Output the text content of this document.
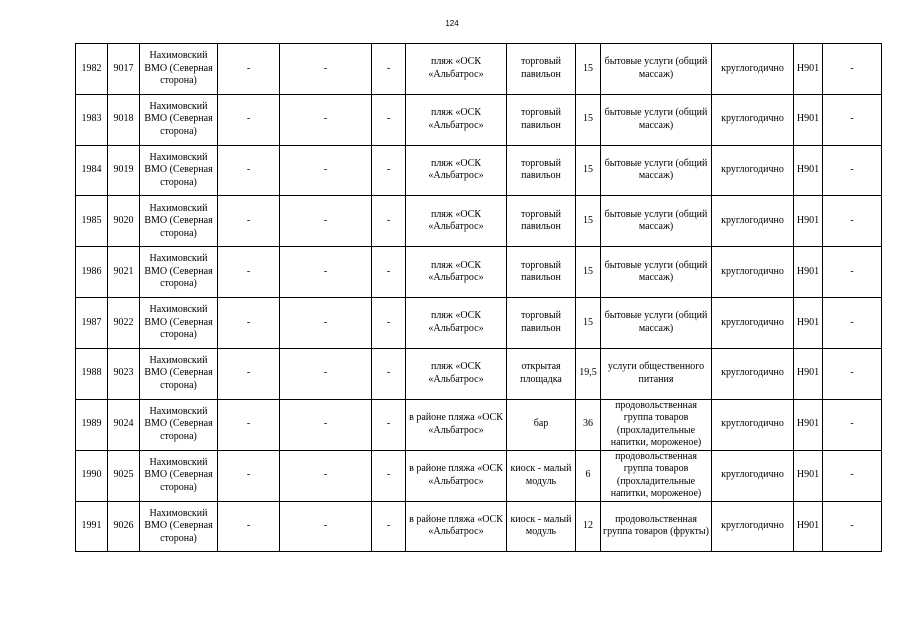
124
1982	9017	Нахимовский ВМО (Северная сторона)	-	-	-	пляж «ОСК «Альбатрос»	торговый павильон	15	бытовые услуги (общий массаж)	круглогодично	Н901	-
1983	9018	Нахимовский ВМО (Северная сторона)	-	-	-	пляж «ОСК «Альбатрос»	торговый павильон	15	бытовые услуги (общий массаж)	круглогодично	Н901	-
1984	9019	Нахимовский ВМО (Северная сторона)	-	-	-	пляж «ОСК «Альбатрос»	торговый павильон	15	бытовые услуги (общий массаж)	круглогодично	Н901	-
1985	9020	Нахимовский ВМО (Северная сторона)	-	-	-	пляж «ОСК «Альбатрос»	торговый павильон	15	бытовые услуги (общий массаж)	круглогодично	Н901	-
1986	9021	Нахимовский ВМО (Северная сторона)	-	-	-	пляж «ОСК «Альбатрос»	торговый павильон	15	бытовые услуги (общий массаж)	круглогодично	Н901	-
1987	9022	Нахимовский ВМО (Северная сторона)	-	-	-	пляж «ОСК «Альбатрос»	торговый павильон	15	бытовые услуги (общий массаж)	круглогодично	Н901	-
1988	9023	Нахимовский ВМО (Северная сторона)	-	-	-	пляж «ОСК «Альбатрос»	открытая площадка	19,5	услуги общественного питания	круглогодично	Н901	-
1989	9024	Нахимовский ВМО (Северная сторона)	-	-	-	в районе пляжа «ОСК «Альбатрос»	бар	36	продовольственная группа товаров (прохладительные напитки, мороженое)	круглогодично	Н901	-
1990	9025	Нахимовский ВМО (Северная сторона)	-	-	-	в районе пляжа «ОСК «Альбатрос»	киоск - малый модуль	6	продовольственная группа товаров (прохладительные напитки, мороженое)	круглогодично	Н901	-
1991	9026	Нахимовский ВМО (Северная сторона)	-	-	-	в районе пляжа «ОСК «Альбатрос»	киоск - малый модуль	12	продовольственная группа товаров (фрукты)	круглогодично	Н901	-
